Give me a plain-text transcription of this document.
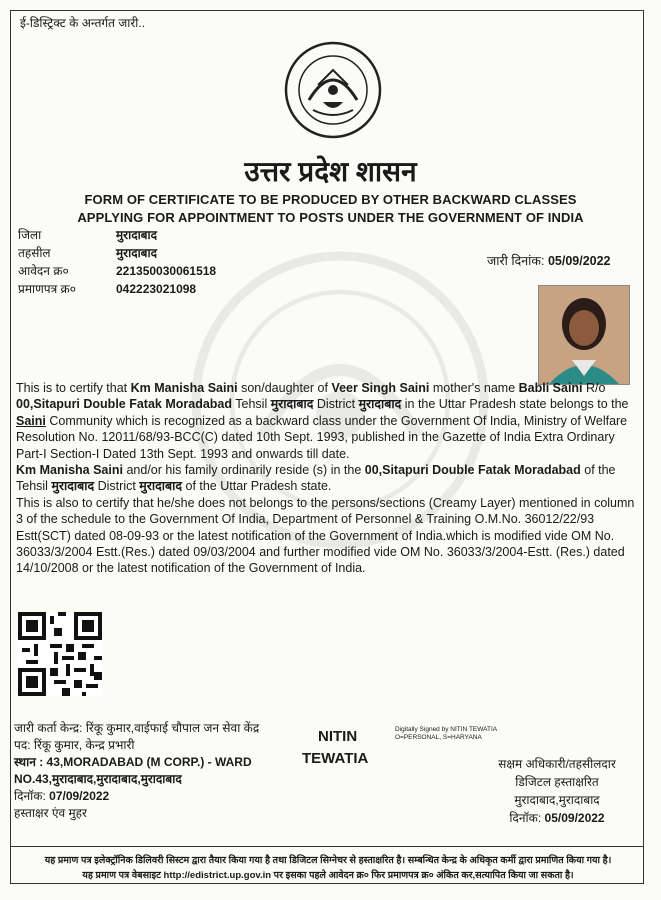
ई-डिस्ट्रिक्ट के अन्तर्गत जारी..
उत्तर प्रदेश शासन
FORM OF CERTIFICATE TO BE PRODUCED BY OTHER BACKWARD CLASSES
APPLYING FOR APPOINTMENT TO POSTS UNDER THE GOVERNMENT OF INDIA
जिला	मुरादाबाद
तहसील	मुरादाबाद
आवेदन क्र०	221350030061518
प्रमाणपत्र क्र०	042223021098
जारी दिनांक: 05/09/2022

This is to certify that Km Manisha Saini son/daughter of Veer Singh Saini mother's name Babli Saini R/o 00,Sitapuri Double Fatak Moradabad Tehsil मुरादाबाद District मुरादाबाद in the Uttar Pradesh state belongs to the Saini Community which is recognized as a backward class under the Government Of India, Ministry of Welfare Resolution No. 12011/68/93-BCC(C) dated 10th Sept. 1993, published in the Gazette of India Extra Ordinary Part-I Section-I Dated 13th Sept. 1993 and onwards till date.

Km Manisha Saini and/or his family ordinarily reside (s) in the 00,Sitapuri Double Fatak Moradabad of the Tehsil मुरादाबाद District मुरादाबाद of the Uttar Pradesh state.

This is also to certify that he/she does not belongs to the persons/sections (Creamy Layer) mentioned in column 3 of the schedule to the Government Of India, Department of Personnel & Training O.M.No. 36012/22/93 Estt(SCT) dated 08-09-93 or the latest notification of the Government of India.which is modified vide OM No. 36033/3/2004 Estt.(Res.) dated 09/03/2004 and further modified vide OM No. 36033/3/2004-Estt. (Res.) dated 14/10/2008 or the latest notification of the Government of India.

जारी कर्ता केन्द्र: रिंकू कुमार,वाईफाई चौपाल जन सेवा केंद्र
पद: रिंकू कुमार, केन्द्र प्रभारी
स्थान : 43,MORADABAD (M CORP.) - WARD NO.43,मुरादाबाद,मुरादाबाद,मुरादाबाद
दिनॉक: 07/09/2022
हस्ताक्षर एंव मुहर
NITIN
TEWATIA
Digitally Signed by NITIN TEWATIA O=PERSONAL, S=HARYANA
सक्षम अधिकारी/तहसीलदार
डिजिटल हस्ताक्षरित
मुरादाबाद,मुरादाबाद
दिनॉक: 05/09/2022
यह प्रमाण पत्र इलेक्ट्रॉनिक डिलिवरी सिस्टम द्वारा तैयार किया गया है तथा डिजिटल सिग्नेचर से हस्ताक्षरित है। सम्बन्धित केन्द्र के अधिकृत कर्मी द्वारा प्रमाणित किया गया है।
यह प्रमाण पत्र वेबसाइट http://edistrict.up.gov.in पर इसका पहले आवेदन क्र० फिर प्रमाणपत्र क्र० अंकित कर,सत्यापित किया जा सकता है।
